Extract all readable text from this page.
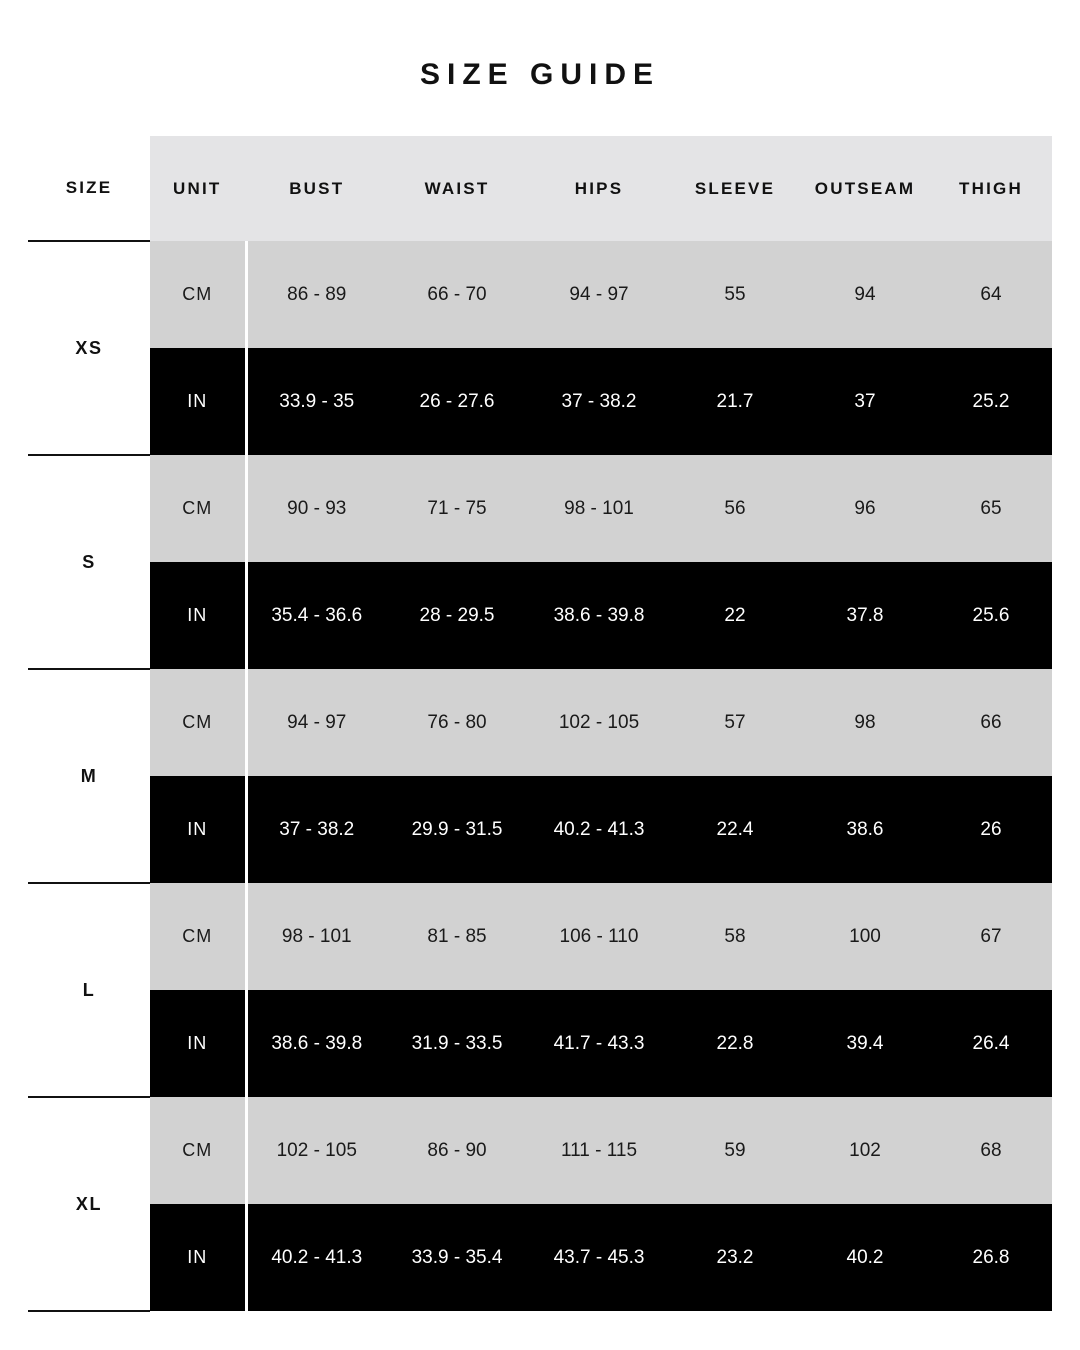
SIZE GUIDE
SIZE	UNIT	BUST	WAIST	HIPS	SLEEVE	OUTSEAM	THIGH
XS	CM	86 - 89	66 - 70	94 - 97	55	94	64
	IN	33.9 - 35	26 - 27.6	37 - 38.2	21.7	37	25.2
S	CM	90 - 93	71 - 75	98 - 101	56	96	65
	IN	35.4 - 36.6	28 - 29.5	38.6 - 39.8	22	37.8	25.6
M	CM	94 - 97	76 - 80	102 - 105	57	98	66
	IN	37 - 38.2	29.9 - 31.5	40.2 - 41.3	22.4	38.6	26
L	CM	98 - 101	81 - 85	106 - 110	58	100	67
	IN	38.6 - 39.8	31.9 - 33.5	41.7 - 43.3	22.8	39.4	26.4
XL	CM	102 - 105	86 - 90	111 - 115	59	102	68
	IN	40.2 - 41.3	33.9 - 35.4	43.7 - 45.3	23.2	40.2	26.8
